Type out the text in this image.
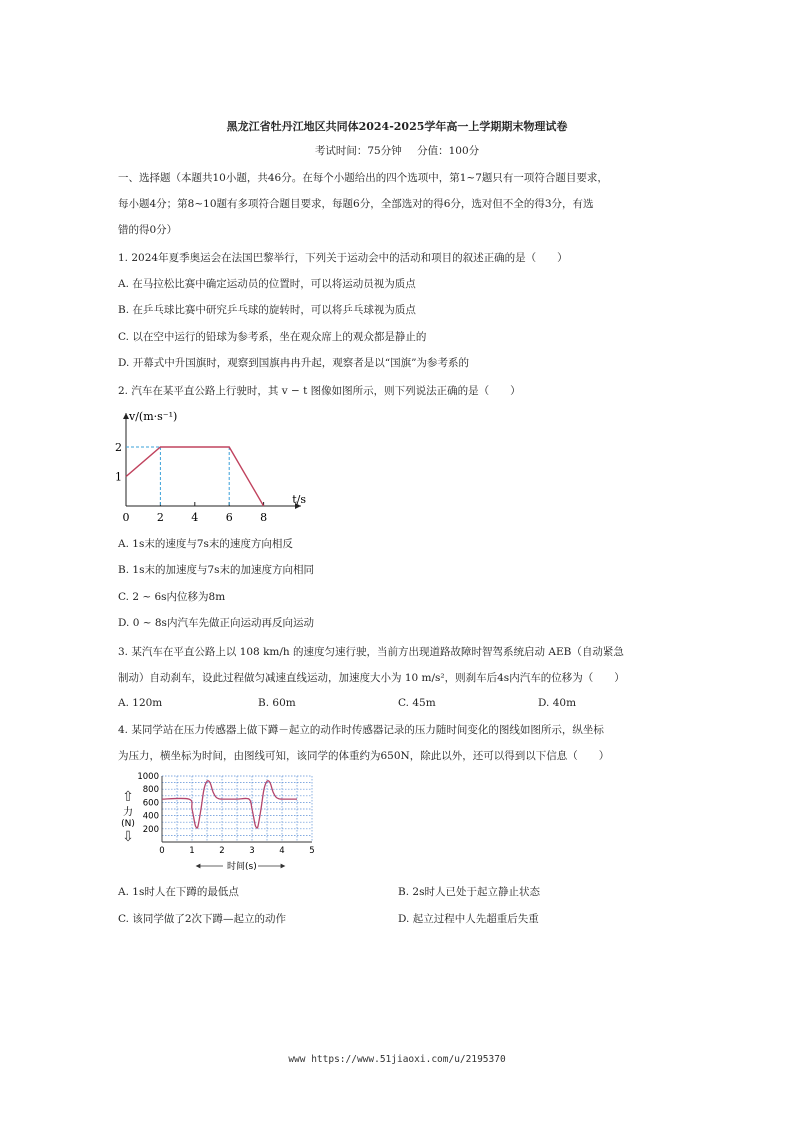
黑龙江省牡丹江地区共同体2024-2025学年高一上学期期末物理试卷
考试时间：75分钟 分值：100分
一、选择题（本题共10小题，共46分。在每个小题给出的四个选项中，第1~7题只有一项符合题目要求，
每小题4分；第8~10题有多项符合题目要求，每题6分，全部选对的得6分，选对但不全的得3分，有选
错的得0分）
1. 2024年夏季奥运会在法国巴黎举行，下列关于运动会中的活动和项目的叙述正确的是（　　）
A. 在马拉松比赛中确定运动员的位置时，可以将运动员视为质点
B. 在乒乓球比赛中研究乒乓球的旋转时，可以将乒乓球视为质点
C. 以在空中运行的铅球为参考系，坐在观众席上的观众都是静止的
D. 开幕式中升国旗时，观察到国旗冉冉升起，观察者是以“国旗”为参考系的
2. 汽车在某平直公路上行驶时，其 v − t 图像如图所示，则下列说法正确的是（　　）
v/(m·s⁻¹)
t/s
0 2 4 6 8
1
2
A. 1s末的速度与7s末的速度方向相反
B. 1s末的加速度与7s末的加速度方向相同
C. 2 ~ 6s内位移为8m
D. 0 ~ 8s内汽车先做正向运动再反向运动
3. 某汽车在平直公路上以 108 km/h 的速度匀速行驶，当前方出现道路故障时智驾系统启动 AEB（自动紧急
制动）自动刹车，设此过程做匀减速直线运动，加速度大小为 10 m/s²，则刹车后4s内汽车的位移为（　　）
A. 120m	B. 60m	C. 45m	D. 40m
4. 某同学站在压力传感器上做下蹲－起立的动作时传感器记录的压力随时间变化的图线如图所示，纵坐标
为压力，横坐标为时间，由图线可知，该同学的体重约为650N，除此以外，还可以得到以下信息（　　）
200
400
600
800
1000
0	1	2	3	4	5
⇧
力
(N)
⇩
时间(s)
A. 1s时人在下蹲的最低点	B. 2s时人已处于起立静止状态
C. 该同学做了2次下蹲—起立的动作	D. 起立过程中人先超重后失重
www https://www.51jiaoxi.com/u/2195370
